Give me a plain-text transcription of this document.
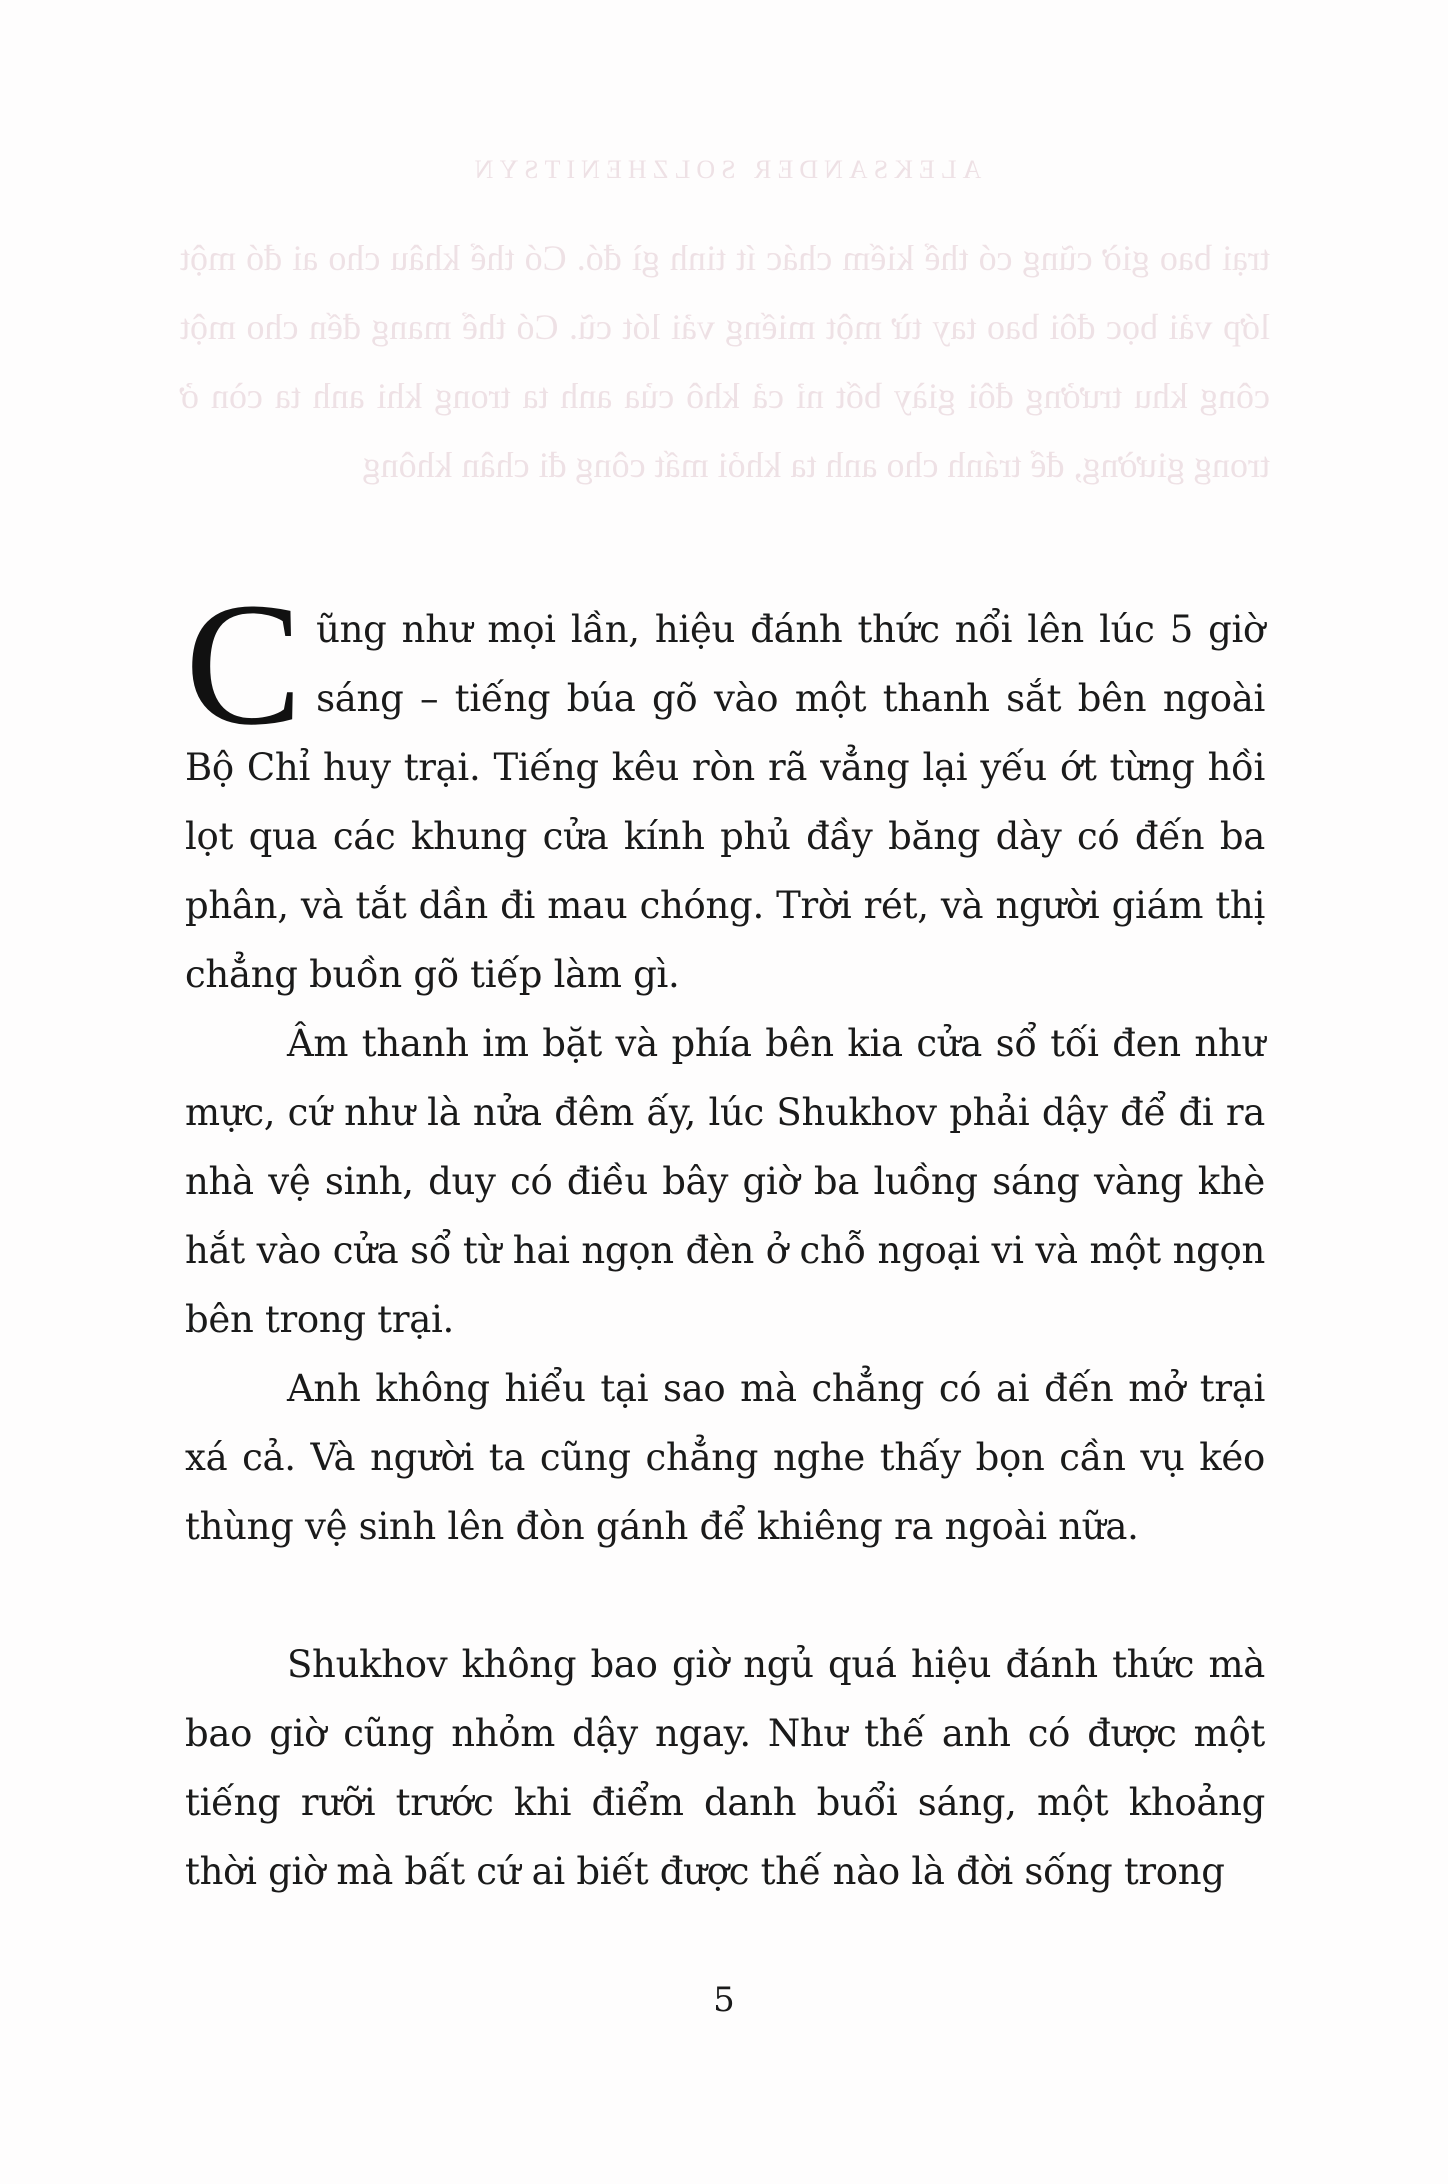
ALEKSANDER SOLZHENITSYN
trại bao giờ cũng có thể kiếm chác ít tinh gì đó. Có thể khâu cho ai đó một lớp vải bọc đôi bao tay từ một miếng vải lót cũ. Có thể mang đến cho một công khu trưởng đôi giày bốt nỉ cả khô của anh ta trong khi anh ta còn ở trong giường, để tránh cho anh ta khỏi mất công đi chân không

Cũng như mọi lần, hiệu đánh thức nổi lên lúc 5 giờ sáng – tiếng búa gõ vào một thanh sắt bên ngoài Bộ Chỉ huy trại. Tiếng kêu ròn rã vẳng lại yếu ớt từng hồi lọt qua các khung cửa kính phủ đầy băng dày có đến ba phân, và tắt dần đi mau chóng. Trời rét, và người giám thị chẳng buồn gõ tiếp làm gì.

Âm thanh im bặt và phía bên kia cửa sổ tối đen như mực, cứ như là nửa đêm ấy, lúc Shukhov phải dậy để đi ra nhà vệ sinh, duy có điều bây giờ ba luồng sáng vàng khè hắt vào cửa sổ từ hai ngọn đèn ở chỗ ngoại vi và một ngọn bên trong trại.

Anh không hiểu tại sao mà chẳng có ai đến mở trại xá cả. Và người ta cũng chẳng nghe thấy bọn cần vụ kéo thùng vệ sinh lên đòn gánh để khiêng ra ngoài nữa.

Shukhov không bao giờ ngủ quá hiệu đánh thức mà bao giờ cũng nhỏm dậy ngay. Như thế anh có được một tiếng rưỡi trước khi điểm danh buổi sáng, một khoảng thời giờ mà bất cứ ai biết được thế nào là đời sống trong

5
